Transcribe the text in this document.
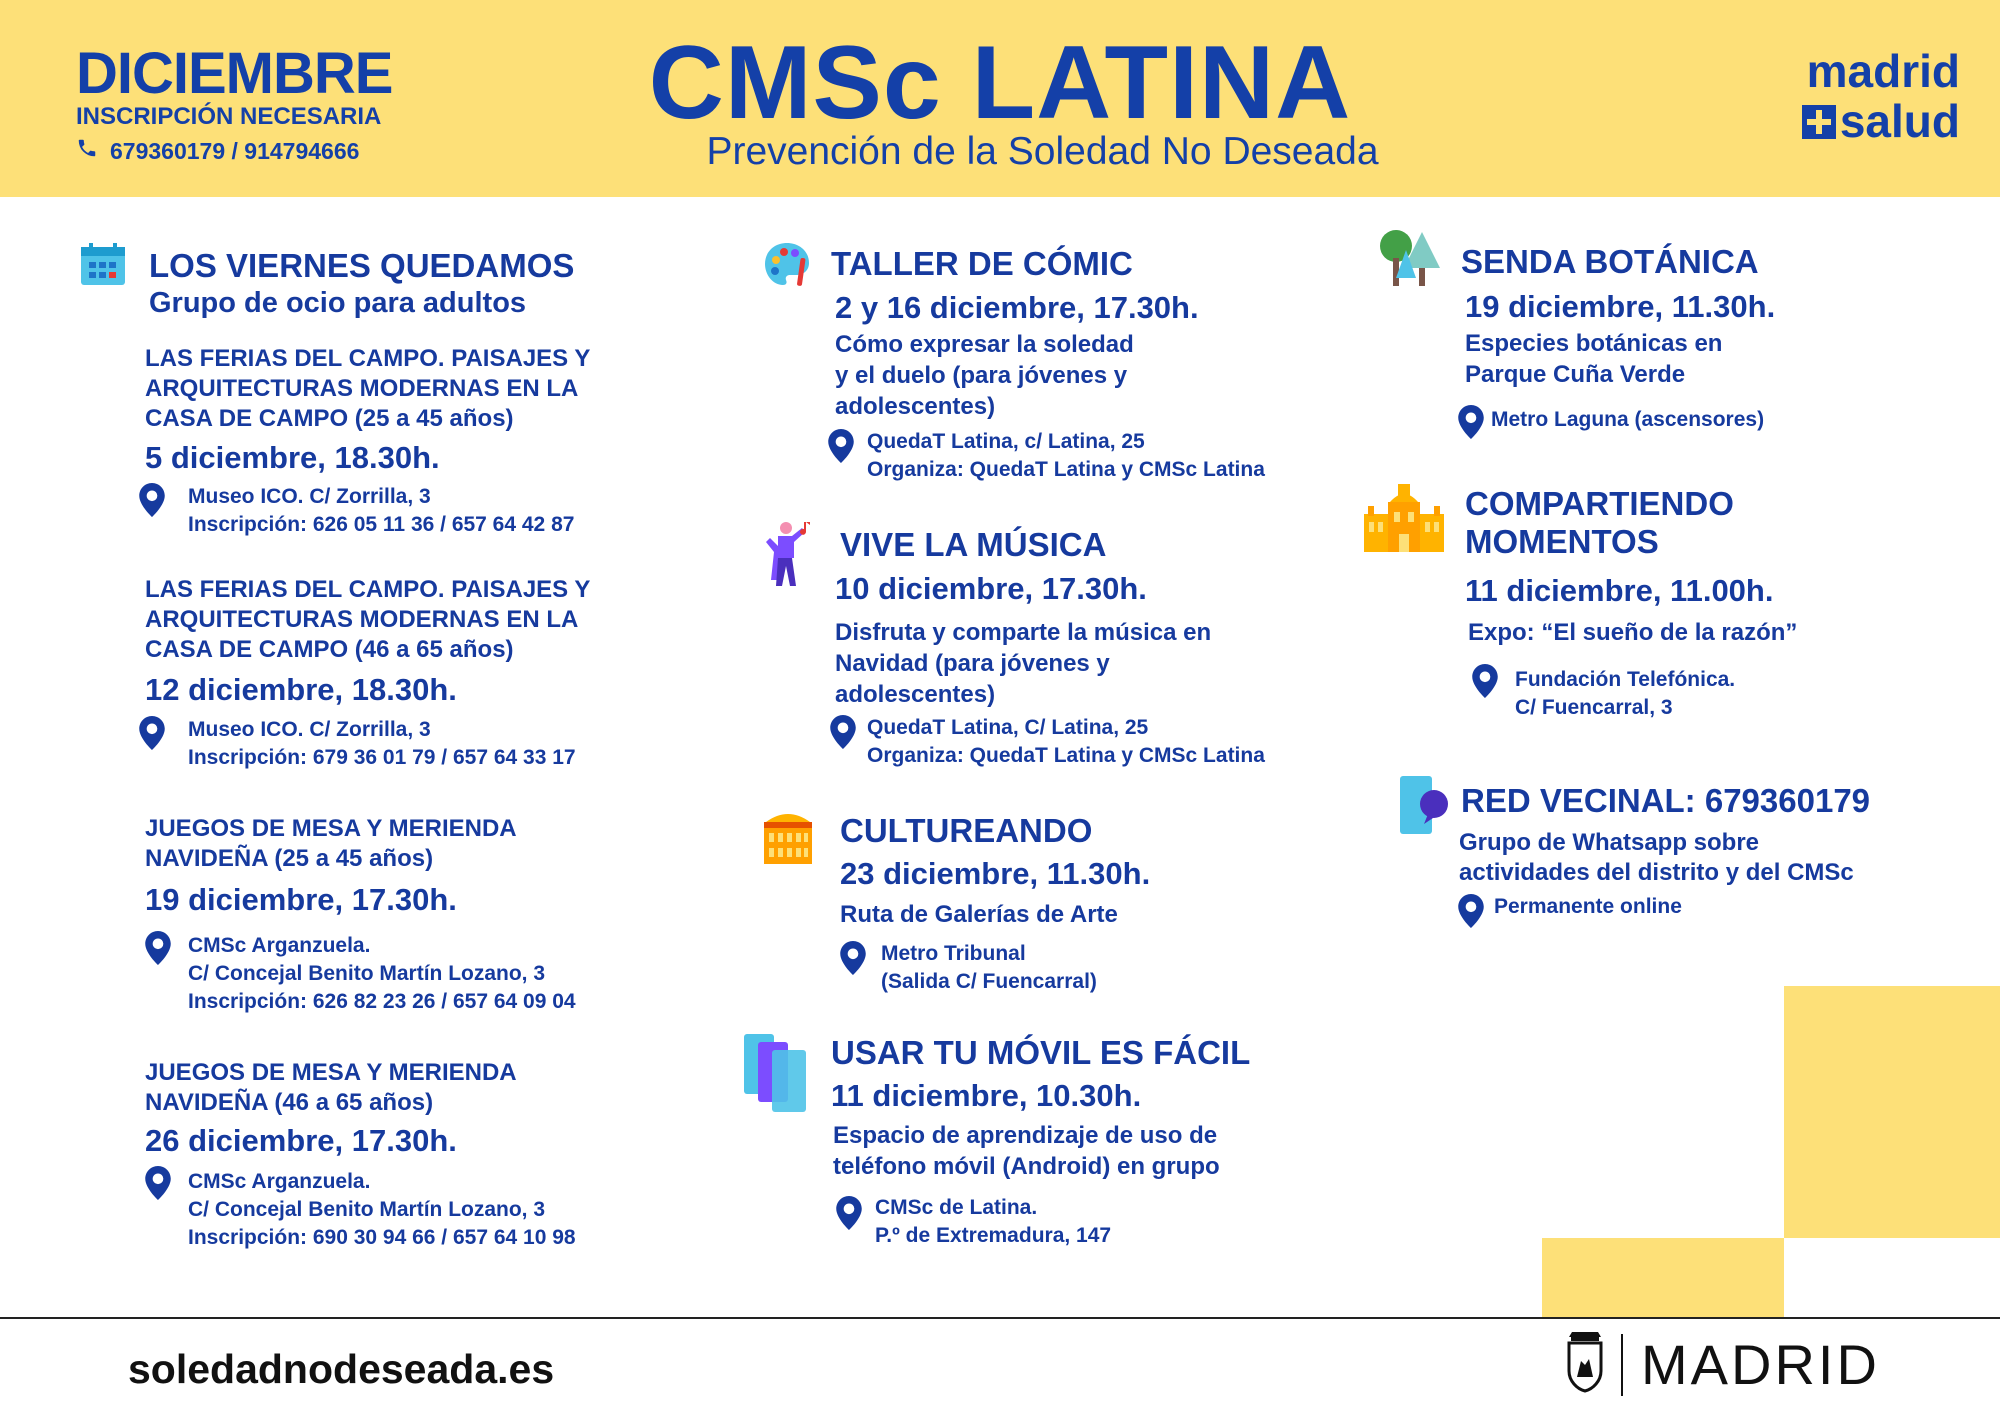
DICIEMBRE
INSCRIPCIÓN NECESARIA
679360179 / 914794666
CMSc LATINA
Prevención de la Soledad No Deseada
madrid
salud
LOS VIERNES QUEDAMOS
Grupo de ocio para adultos
LAS FERIAS DEL CAMPO. PAISAJES Y
ARQUITECTURAS MODERNAS EN LA
CASA DE CAMPO (25 a 45 años)
5 diciembre, 18.30h.
Museo ICO. C/ Zorrilla, 3
Inscripción: 626 05 11 36 / 657 64 42 87
LAS FERIAS DEL CAMPO. PAISAJES Y
ARQUITECTURAS MODERNAS EN LA
CASA DE CAMPO (46 a 65 años)
12 diciembre, 18.30h.
Museo ICO. C/ Zorrilla, 3
Inscripción: 679 36 01 79 / 657 64 33 17
JUEGOS DE MESA Y MERIENDA
NAVIDEÑA (25 a 45 años)
19 diciembre, 17.30h.
CMSc Arganzuela.
C/ Concejal Benito Martín Lozano, 3
Inscripción: 626 82 23 26 / 657 64 09 04
JUEGOS DE MESA Y MERIENDA
NAVIDEÑA (46 a 65 años)
26 diciembre, 17.30h.
CMSc Arganzuela.
C/ Concejal Benito Martín Lozano, 3
Inscripción: 690 30 94 66 / 657 64 10 98
TALLER DE CÓMIC
2 y 16 diciembre, 17.30h.
Cómo expresar la soledad
y el duelo (para jóvenes y
adolescentes)
QuedaT Latina, c/ Latina, 25
Organiza: QuedaT Latina y CMSc Latina
VIVE LA MÚSICA
10 diciembre, 17.30h.
Disfruta y comparte la música en
Navidad (para jóvenes y
adolescentes)
QuedaT Latina, C/ Latina, 25
Organiza: QuedaT Latina y CMSc Latina
CULTUREANDO
23 diciembre, 11.30h.
Ruta de Galerías de Arte
Metro Tribunal
(Salida C/ Fuencarral)
USAR TU MÓVIL ES FÁCIL
11 diciembre, 10.30h.
Espacio de aprendizaje de uso de
teléfono móvil (Android) en grupo
CMSc de Latina.
P.º de Extremadura, 147
SENDA BOTÁNICA
19 diciembre, 11.30h.
Especies botánicas en
Parque Cuña Verde
Metro Laguna (ascensores)
COMPARTIENDO
MOMENTOS
11 diciembre, 11.00h.
Expo: “El sueño de la razón”
Fundación Telefónica.
C/ Fuencarral, 3
RED VECINAL: 679360179
Grupo de Whatsapp sobre
actividades del distrito y del CMSc
Permanente online
soledadnodeseada.es	MADRID
